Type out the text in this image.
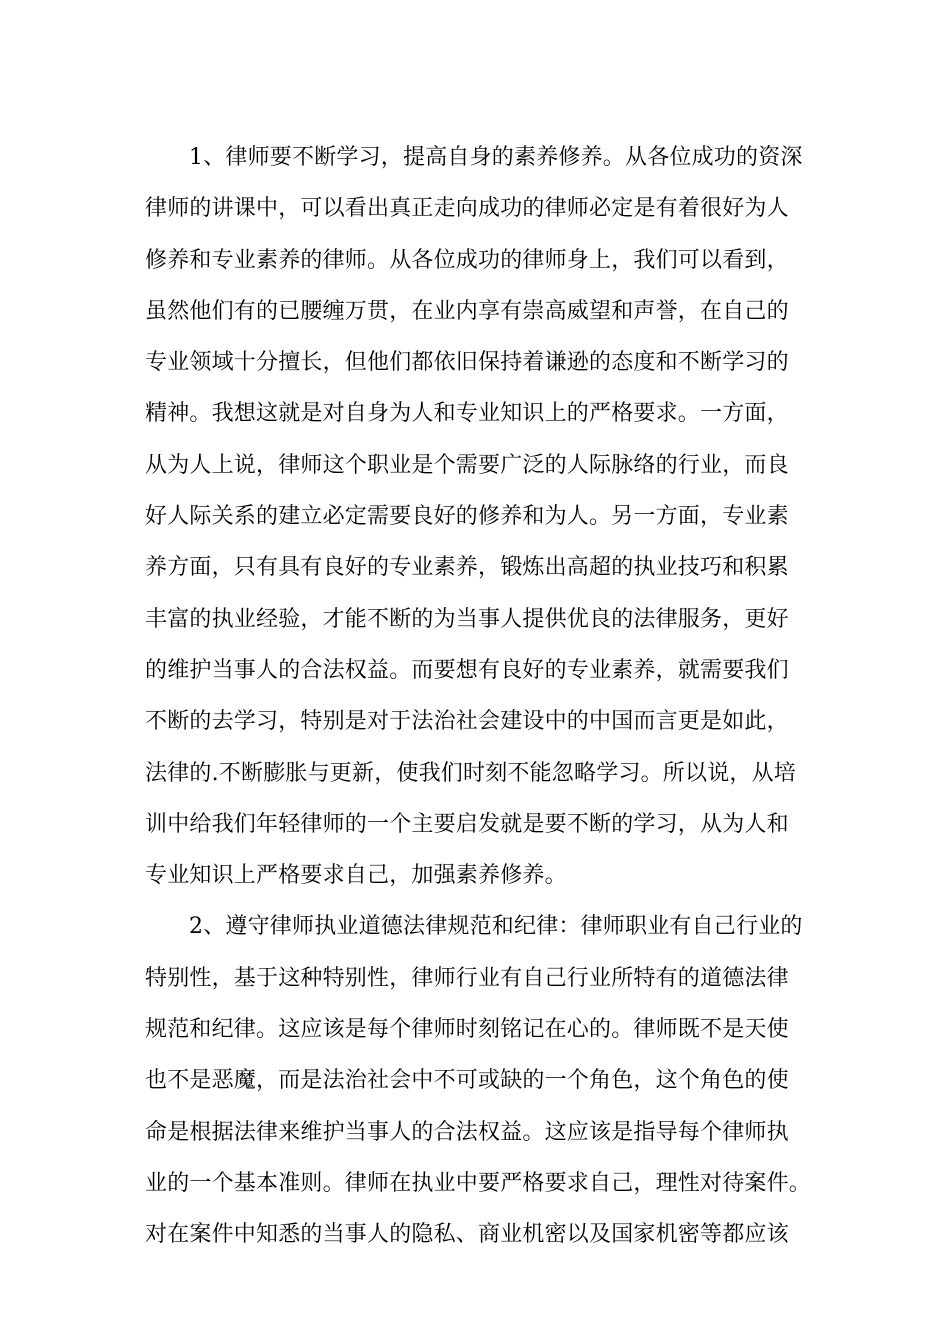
1、律师要不断学习，提高自身的素养修养。从各位成功的资深
律师的讲课中，可以看出真正走向成功的律师必定是有着很好为人
修养和专业素养的律师。从各位成功的律师身上，我们可以看到，
虽然他们有的已腰缠万贯，在业内享有崇高威望和声誉，在自己的
专业领域十分擅长，但他们都依旧保持着谦逊的态度和不断学习的
精神。我想这就是对自身为人和专业知识上的严格要求。一方面，
从为人上说，律师这个职业是个需要广泛的人际脉络的行业，而良
好人际关系的建立必定需要良好的修养和为人。另一方面，专业素
养方面，只有具有良好的专业素养，锻炼出高超的执业技巧和积累
丰富的执业经验，才能不断的为当事人提供优良的法律服务，更好
的维护当事人的合法权益。而要想有良好的专业素养，就需要我们
不断的去学习，特别是对于法治社会建设中的中国而言更是如此，
法律的.不断膨胀与更新，使我们时刻不能忽略学习。所以说，从培
训中给我们年轻律师的一个主要启发就是要不断的学习，从为人和
专业知识上严格要求自己，加强素养修养。
2、遵守律师执业道德法律规范和纪律：律师职业有自己行业的
特别性，基于这种特别性，律师行业有自己行业所特有的道德法律
规范和纪律。这应该是每个律师时刻铭记在心的。律师既不是天使
也不是恶魔，而是法治社会中不可或缺的一个角色，这个角色的使
命是根据法律来维护当事人的合法权益。这应该是指导每个律师执
业的一个基本准则。律师在执业中要严格要求自己，理性对待案件。
对在案件中知悉的当事人的隐私、商业机密以及国家机密等都应该
